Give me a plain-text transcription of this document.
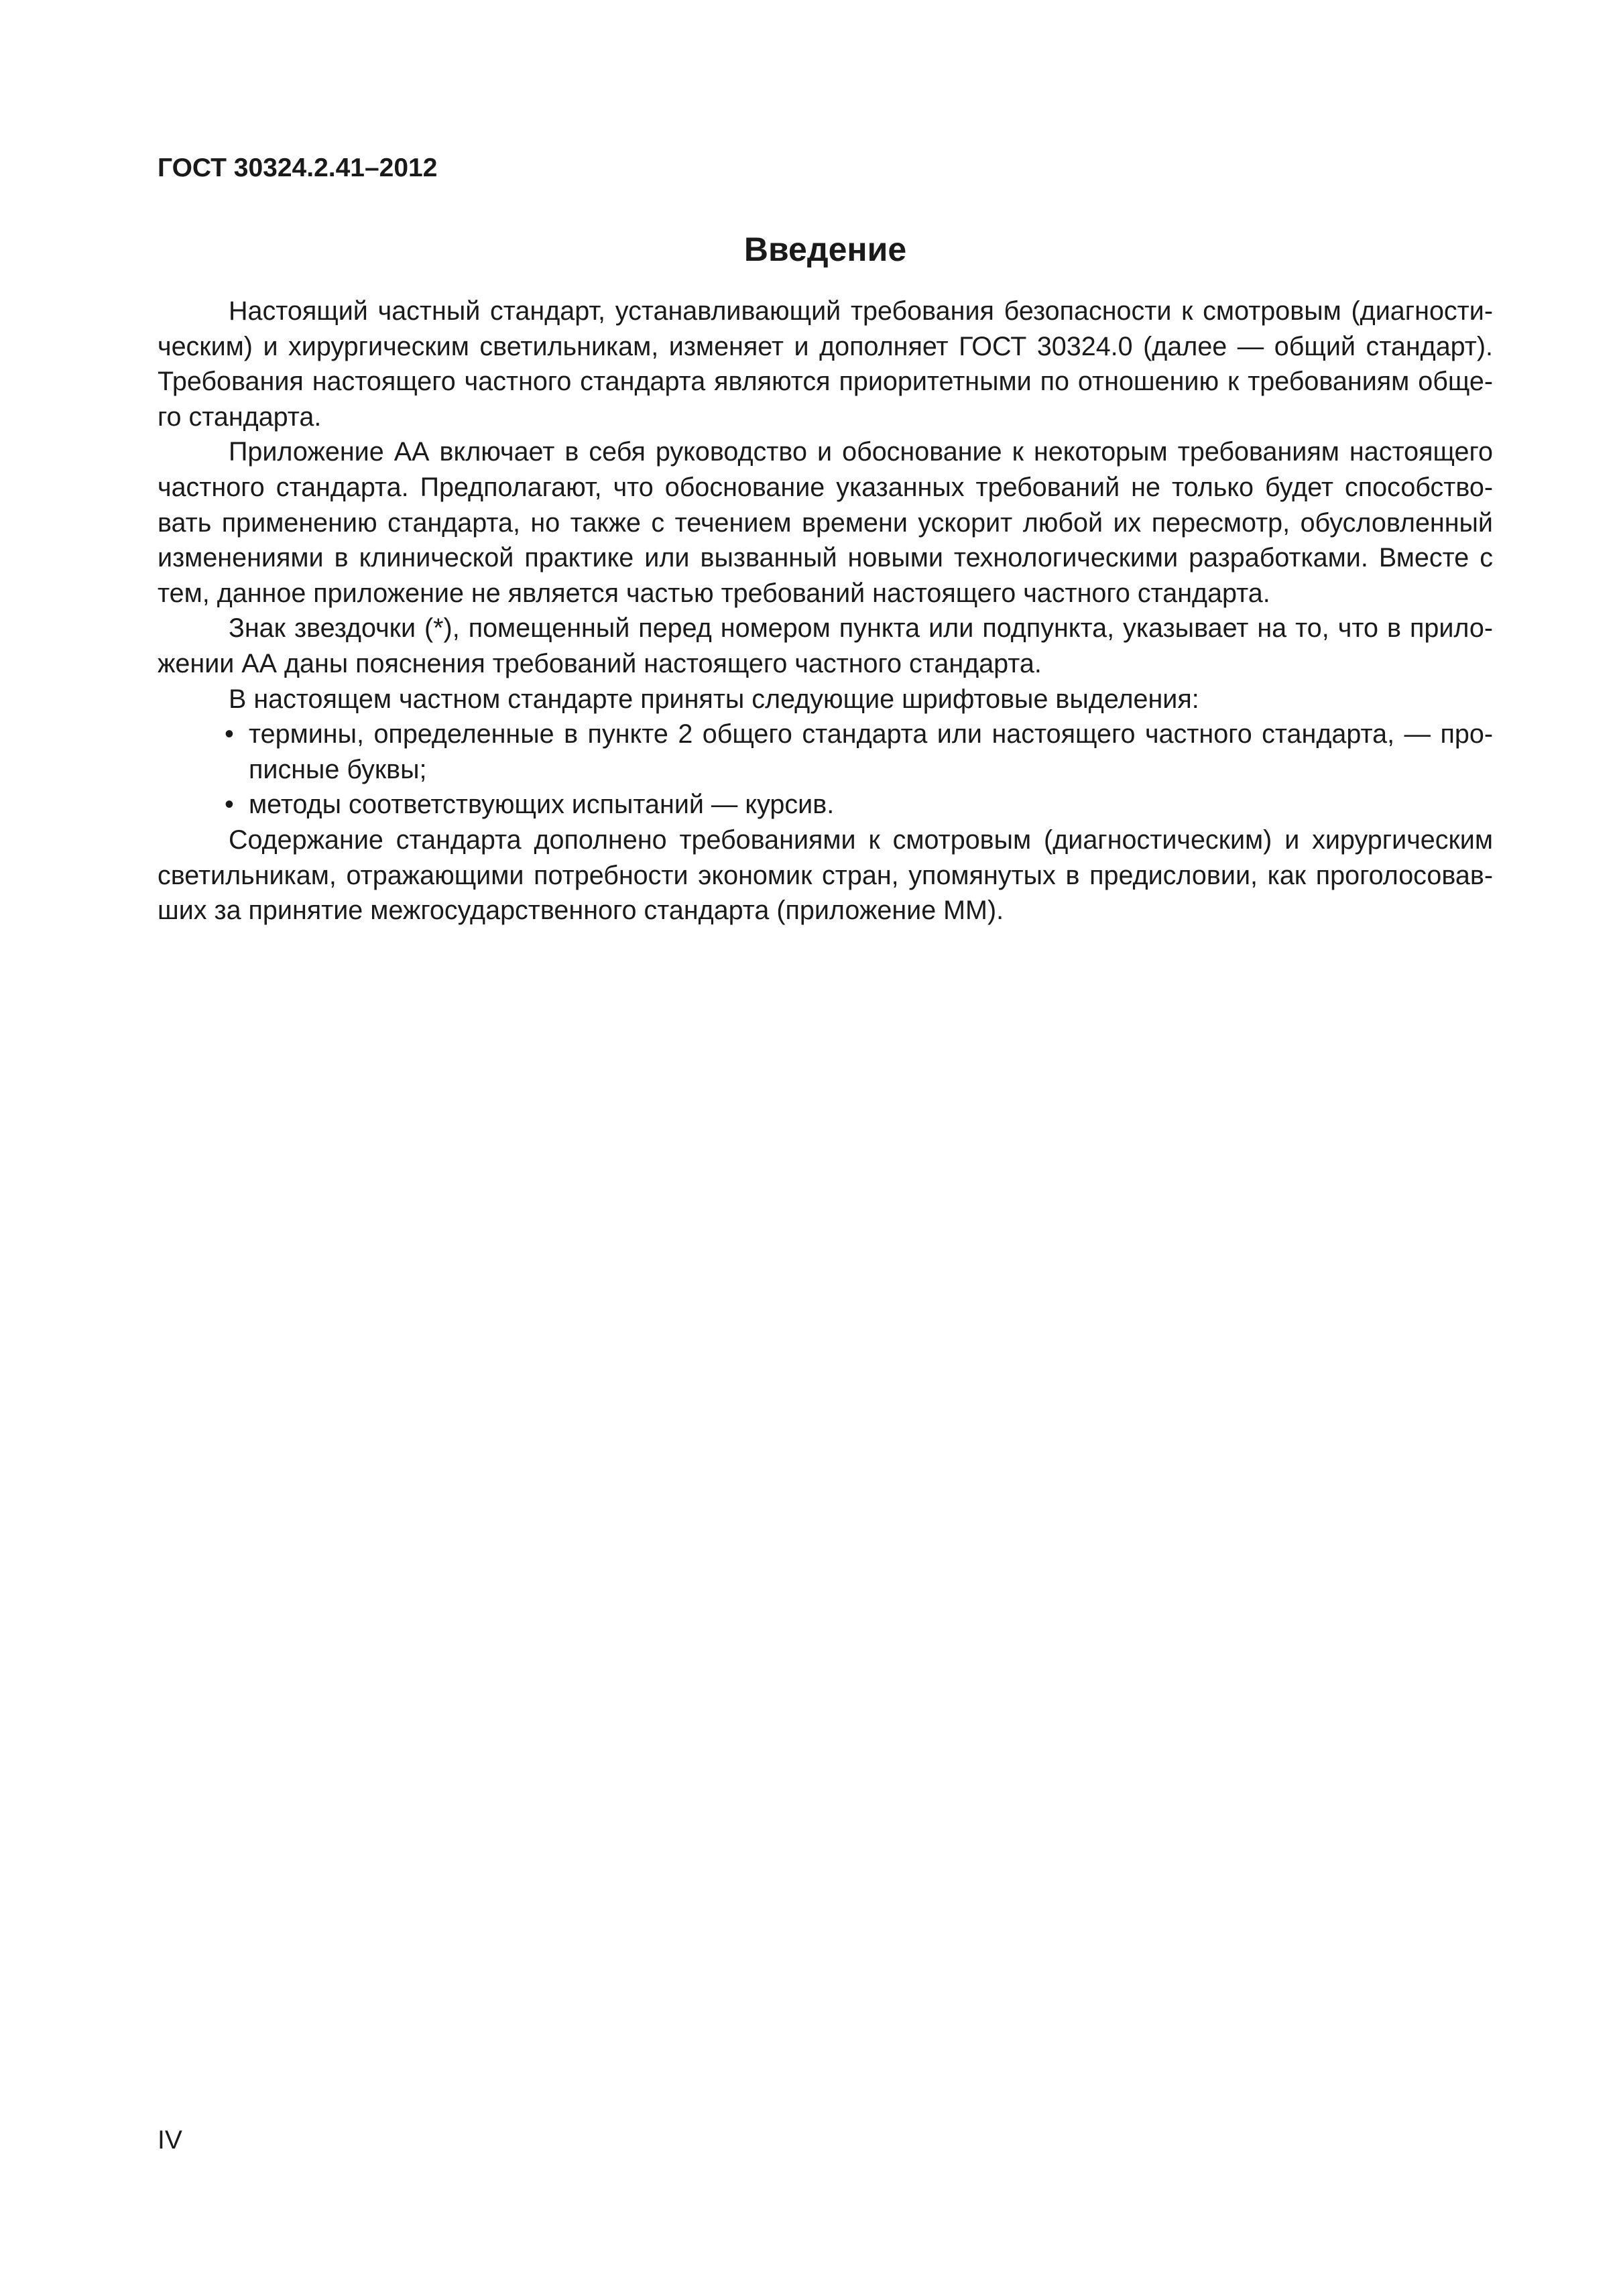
ГОСТ 30324.2.41–2012
Введение

Настоящий частный стандарт, устанавливающий требования безопасности к смотровым (диагностическим) и хирургическим светильникам, изменяет и дополняет ГОСТ 30324.0 (далее — общий стандарт). Требования настоящего частного стандарта являются приоритетными по отношению к требованиям общего стандарта.

Приложение АА включает в себя руководство и обоснование к некоторым требованиям настоящего частного стандарта. Предполагают, что обоснование указанных требований не только будет способствовать применению стандарта, но также с течением времени ускорит любой их пересмотр, обусловленный изменениями в клинической практике или вызванный новыми технологическими разработками. Вместе с тем, данное приложение не является частью требований настоящего частного стандарта.

Знак звездочки (*), помещенный перед номером пункта или подпункта, указывает на то, что в приложении АА даны пояснения требований настоящего частного стандарта.

В настоящем частном стандарте приняты следующие шрифтовые выделения:

• термины, определенные в пункте 2 общего стандарта или настоящего частного стандарта, — прописные буквы;
• методы соответствующих испытаний — курсив.

Содержание стандарта дополнено требованиями к смотровым (диагностическим) и хирургическим светильникам, отражающими потребности экономик стран, упомянутых в предисловии, как проголосовавших за принятие межгосударственного стандарта (приложение ММ).

IV
